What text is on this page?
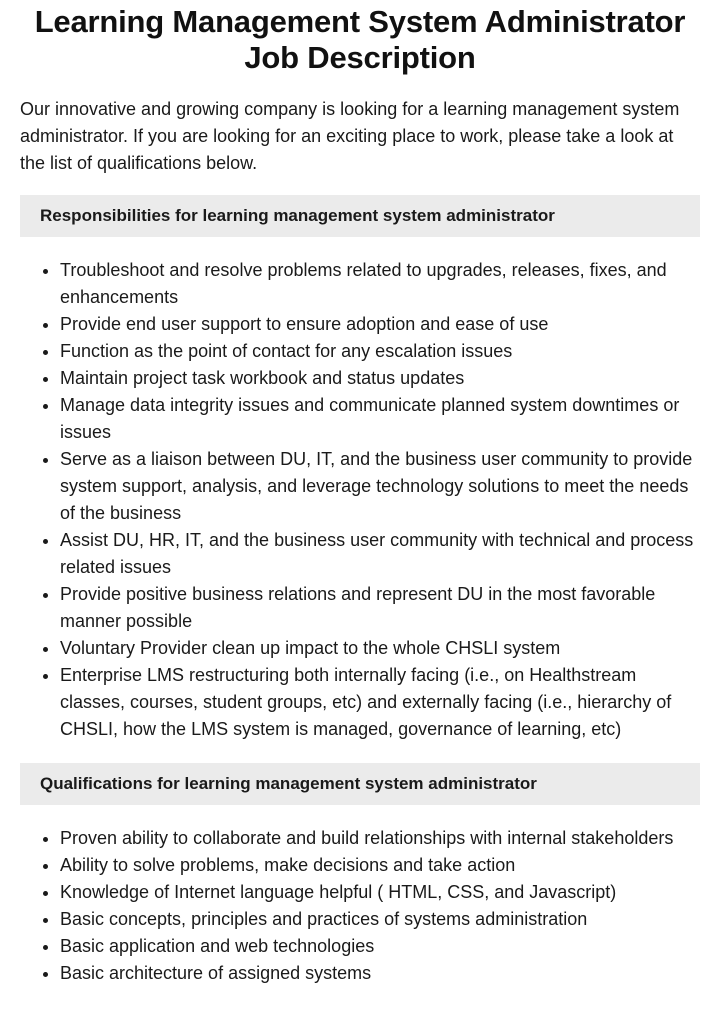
Learning Management System Administrator Job Description

Our innovative and growing company is looking for a learning management system administrator. If you are looking for an exciting place to work, please take a look at the list of qualifications below.

Responsibilities for learning management system administrator
• Troubleshoot and resolve problems related to upgrades, releases, fixes, and enhancements
• Provide end user support to ensure adoption and ease of use
• Function as the point of contact for any escalation issues
• Maintain project task workbook and status updates
• Manage data integrity issues and communicate planned system downtimes or issues
• Serve as a liaison between DU, IT, and the business user community to provide system support, analysis, and leverage technology solutions to meet the needs of the business
• Assist DU, HR, IT, and the business user community with technical and process related issues
• Provide positive business relations and represent DU in the most favorable manner possible
• Voluntary Provider clean up impact to the whole CHSLI system
• Enterprise LMS restructuring both internally facing (i.e., on Healthstream classes, courses, student groups, etc) and externally facing (i.e., hierarchy of CHSLI, how the LMS system is managed, governance of learning, etc)
Qualifications for learning management system administrator
• Proven ability to collaborate and build relationships with internal stakeholders
• Ability to solve problems, make decisions and take action
• Knowledge of Internet language helpful ( HTML, CSS, and Javascript)
• Basic concepts, principles and practices of systems administration
• Basic application and web technologies
• Basic architecture of assigned systems
